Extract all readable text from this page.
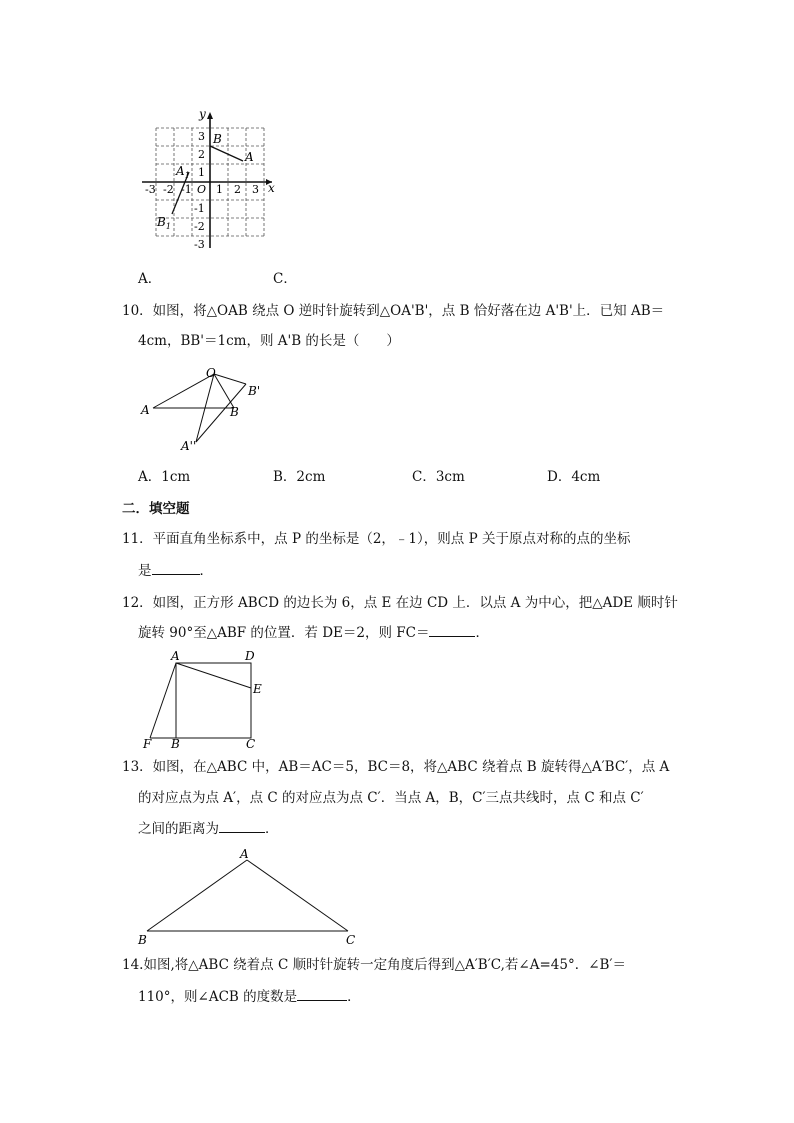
y
x
O
-3 -2 -1 1 2 3
3
2
1
-1
-2
-3
B
A
$A_1$
$B_1$
A．	C．
10．如图，将△OAB 绕点 O 逆时针旋转到△OA'B'，点 B 恰好落在边 A'B'上．已知 AB＝
4cm，BB'＝1cm，则 A'B 的长是（　　）
O
A	B
B'
A''
A．1cm	B．2cm	C．3cm	D．4cm
二．填空题
11．平面直角坐标系中，点 P 的坐标是（2，﹣1），则点 P 关于原点对称的点的坐标
是	．
12．如图，正方形 ABCD 的边长为 6，点 E 在边 CD 上．以点 A 为中心，把△ADE 顺时针
旋转 90°至△ABF 的位置．若 DE＝2，则 FC＝	．
A	D
E
F B	C
13．如图，在△ABC 中，AB＝AC＝5，BC＝8，将△ABC 绕着点 B 旋转得△A′BC′，点 A
的对应点为点 A′，点 C 的对应点为点 C′．当点 A，B，C′三点共线时，点 C 和点 C′
之间的距离为	．
A
B	C
14.如图,将△ABC 绕着点 C 顺时针旋转一定角度后得到△A′B′C,若∠A=45°．∠B′＝
110°，则∠ACB 的度数是	．
